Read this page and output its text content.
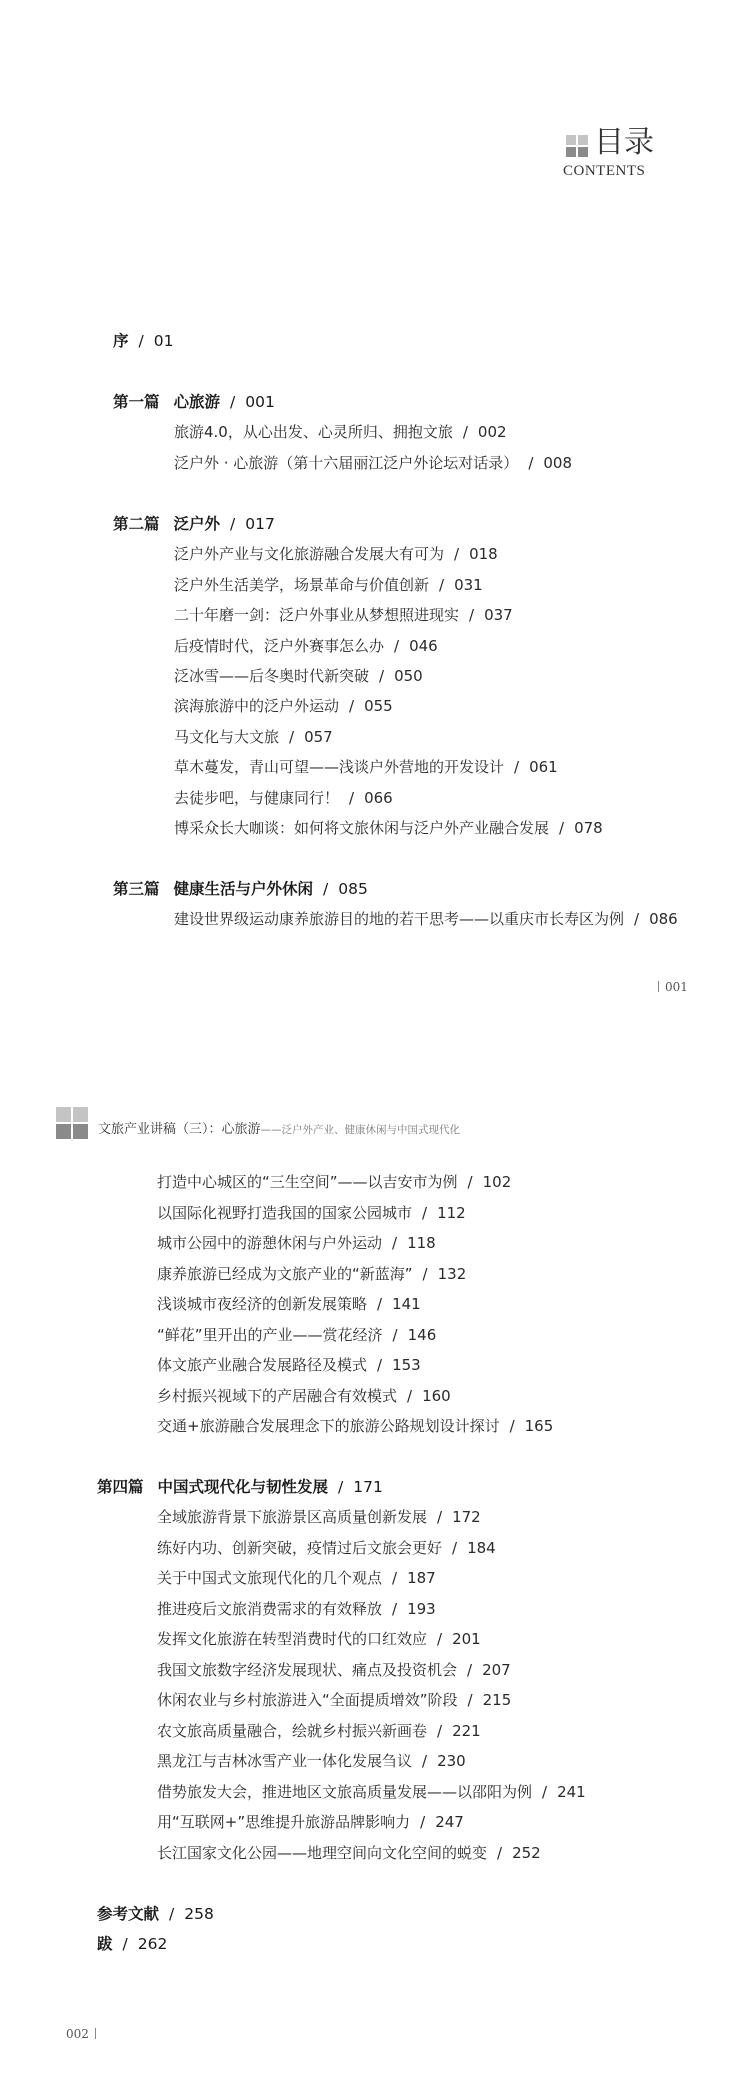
目录
CONTENTS
序 / 01
第一篇 心旅游 / 001
旅游4.0，从心出发、心灵所归、拥抱文旅 / 002
泛户外 · 心旅游（第十六届丽江泛户外论坛对话录） / 008
第二篇 泛户外 / 017
泛户外产业与文化旅游融合发展大有可为 / 018
泛户外生活美学，场景革命与价值创新 / 031
二十年磨一剑：泛户外事业从梦想照进现实 / 037
后疫情时代，泛户外赛事怎么办 / 046
泛冰雪——后冬奥时代新突破 / 050
滨海旅游中的泛户外运动 / 055
马文化与大文旅 / 057
草木蔓发，青山可望——浅谈户外营地的开发设计 / 061
去徒步吧，与健康同行！ / 066
博采众长大咖谈：如何将文旅休闲与泛户外产业融合发展 / 078
第三篇 健康生活与户外休闲 / 085
建设世界级运动康养旅游目的地的若干思考——以重庆市长寿区为例 / 086
001
文旅产业讲稿（三）：心旅游——泛户外产业、健康休闲与中国式现代化
打造中心城区的“三生空间”——以吉安市为例 / 102
以国际化视野打造我国的国家公园城市 / 112
城市公园中的游憩休闲与户外运动 / 118
康养旅游已经成为文旅产业的“新蓝海” / 132
浅谈城市夜经济的创新发展策略 / 141
“鲜花”里开出的产业——赏花经济 / 146
体文旅产业融合发展路径及模式 / 153
乡村振兴视域下的产居融合有效模式 / 160
交通+旅游融合发展理念下的旅游公路规划设计探讨 / 165
第四篇 中国式现代化与韧性发展 / 171
全域旅游背景下旅游景区高质量创新发展 / 172
练好内功、创新突破，疫情过后文旅会更好 / 184
关于中国式文旅现代化的几个观点 / 187
推进疫后文旅消费需求的有效释放 / 193
发挥文化旅游在转型消费时代的口红效应 / 201
我国文旅数字经济发展现状、痛点及投资机会 / 207
休闲农业与乡村旅游进入“全面提质增效”阶段 / 215
农文旅高质量融合，绘就乡村振兴新画卷 / 221
黑龙江与吉林冰雪产业一体化发展刍议 / 230
借势旅发大会，推进地区文旅高质量发展——以邵阳为例 / 241
用“互联网+”思维提升旅游品牌影响力 / 247
长江国家文化公园——地理空间向文化空间的蜕变 / 252
参考文献 / 258
跋 / 262
002
